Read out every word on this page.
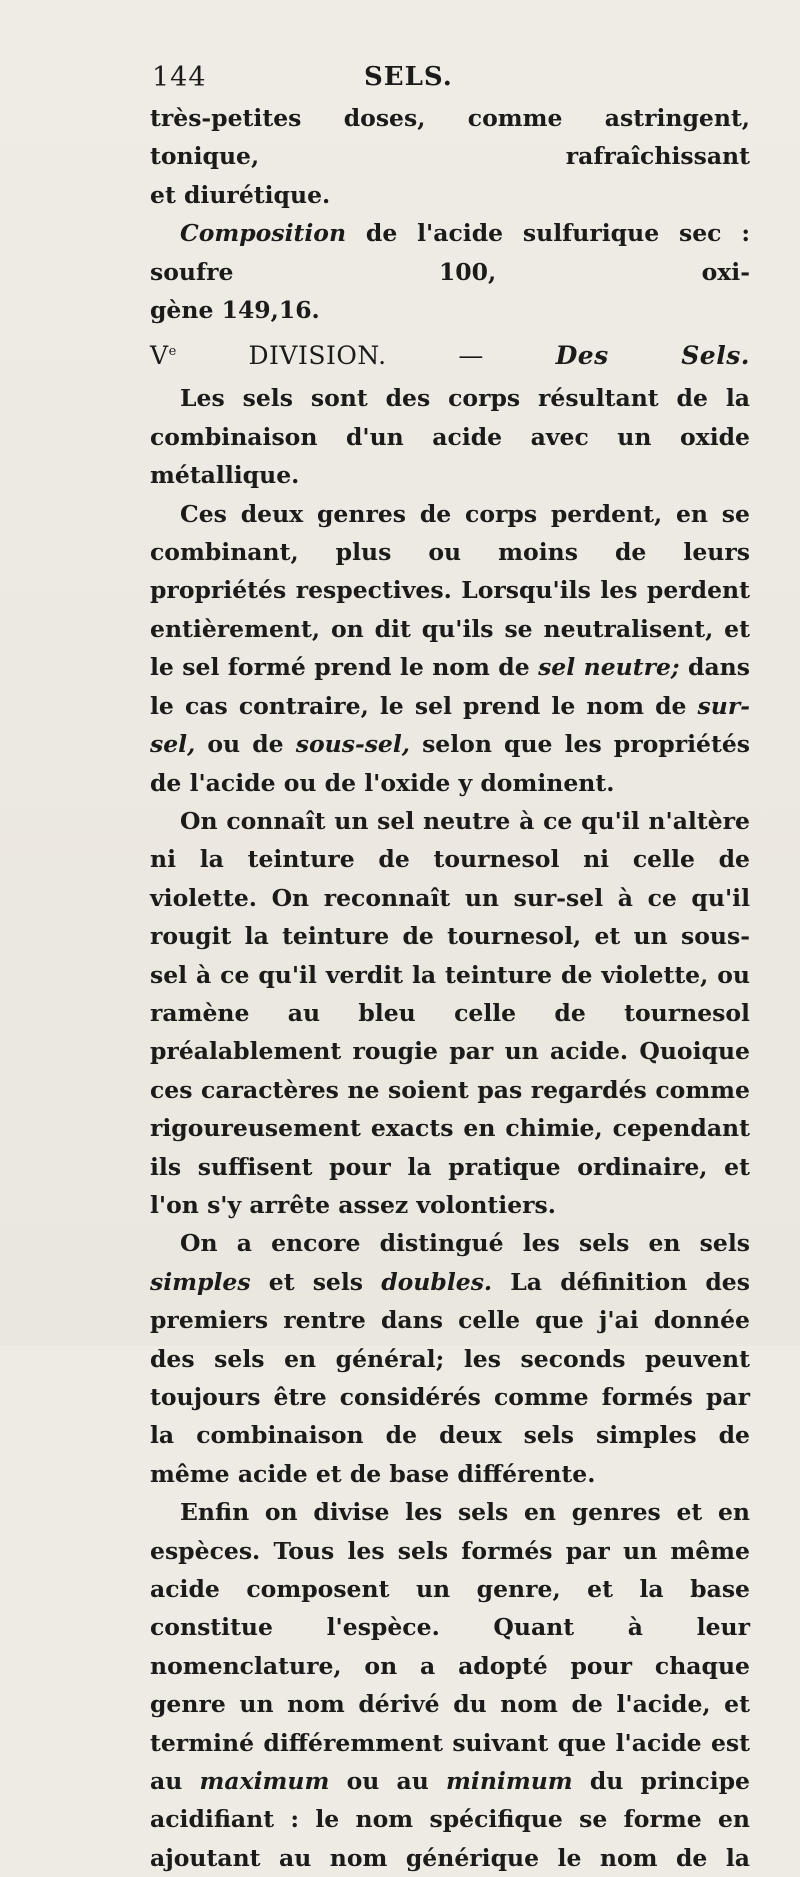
144	SELS.

très-petites doses, comme astringent, tonique, rafraîchissant

et diurétique.

Composition de l'acide sulfurique sec : soufre 100, oxi-

gène 149,16.

Ve DIVISION. — Des Sels.

Les sels sont des corps résultant de la combinaison d'un acide avec un oxide métallique.

Ces deux genres de corps perdent, en se combinant, plus ou moins de leurs propriétés respectives. Lorsqu'ils les perdent entièrement, on dit qu'ils se neutralisent, et le sel formé prend le nom de sel neutre; dans le cas contraire, le sel prend le nom de sur-sel, ou de sous-sel, selon que les propriétés de l'acide ou de l'oxide y dominent.

On connaît un sel neutre à ce qu'il n'altère ni la teinture de tournesol ni celle de violette. On reconnaît un sur-sel à ce qu'il rougit la teinture de tournesol, et un sous-sel à ce qu'il verdit la teinture de violette, ou ramène au bleu celle de tournesol préalablement rougie par un acide. Quoique ces caractères ne soient pas regardés comme rigoureusement exacts en chimie, cependant ils suffisent pour la pratique ordinaire, et l'on s'y arrête assez volontiers.

On a encore distingué les sels en sels simples et sels doubles. La définition des premiers rentre dans celle que j'ai donnée des sels en général; les seconds peuvent toujours être considérés comme formés par la combinaison de deux sels simples de même acide et de base différente.

Enfin on divise les sels en genres et en espèces. Tous les sels formés par un même acide composent un genre, et la base constitue l'espèce. Quant à leur nomenclature, on a adopté pour chaque genre un nom dérivé du nom de l'acide, et terminé différemment suivant que l'acide est au maximum ou au minimum du principe acidifiant : le nom spécifique se forme en ajoutant au nom générique le nom de la
